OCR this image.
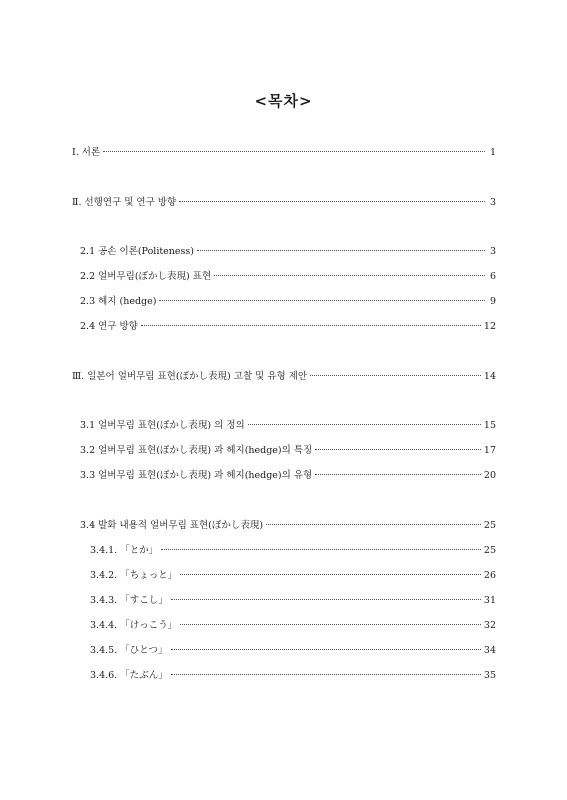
<목차>
Ⅰ. 서론	1
Ⅱ. 선행연구 및 연구 방향	3
2.1 공손 이론(Politeness)	3
2.2 얼버무림(ぼかし表現) 표현	6
2.3 헤지 (hedge)	9
2.4 연구 방향	12
Ⅲ. 일본어 얼버무림 표현(ぼかし表現) 고찰 및 유형 제안	14
3.1 얼버무림 표현(ぼかし表現) 의 정의	15
3.2 얼버무림 표현(ぼかし表現) 과 헤지(hedge)의 특징	17
3.3 얼버무림 표현(ぼかし表現) 과 헤지(hedge)의 유형	20
3.4 발화 내용적 얼버무림 표현(ぼかし表現)	25
3.4.1. 「とか」	25
3.4.2. 「ちょっと」	26
3.4.3. 「すこし」	31
3.4.4. 「けっこう」	32
3.4.5. 「ひとつ」	34
3.4.6. 「たぶん」	35
